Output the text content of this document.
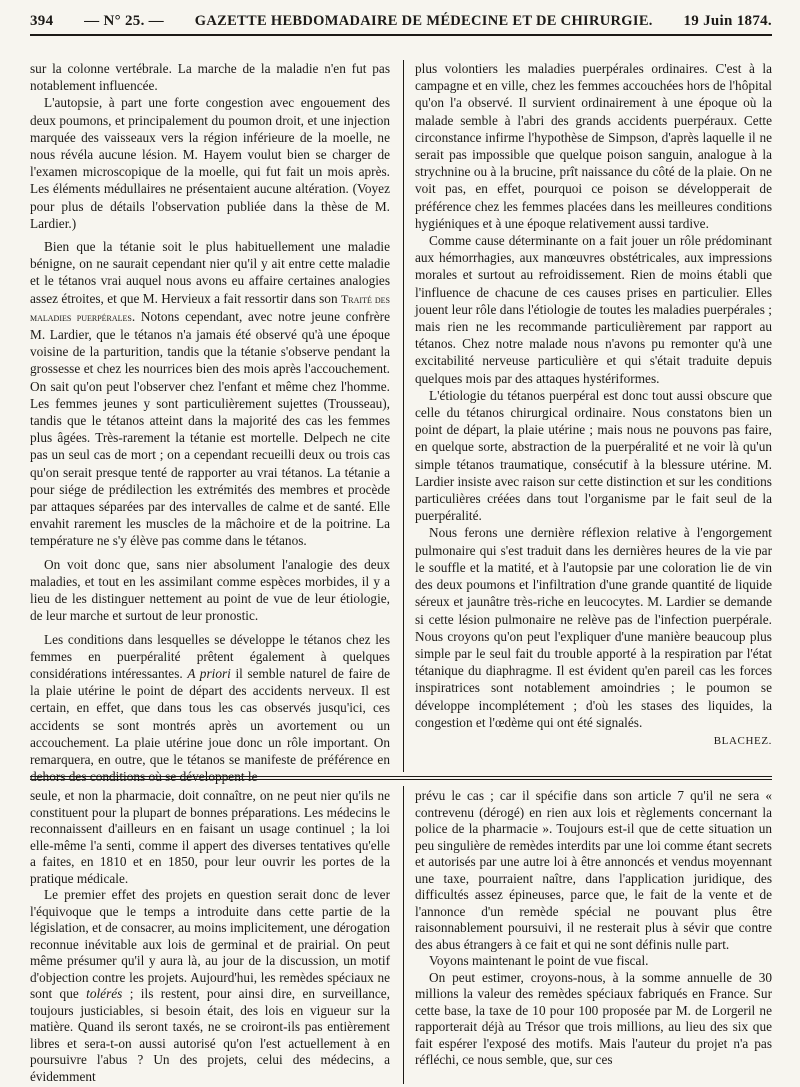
394 — N° 25. — GAZETTE HEBDOMADAIRE DE MÉDECINE ET DE CHIRURGIE. 19 Juin 1874.

sur la colonne vertébrale. La marche de la maladie n'en fut pas notablement influencée.

L'autopsie, à part une forte congestion avec engouement des deux poumons, et principalement du poumon droit, et une injection marquée des vaisseaux vers la région inférieure de la moelle, ne nous révéla aucune lésion. M. Hayem voulut bien se charger de l'examen microscopique de la moelle, qui fut fait un mois après. Les éléments médullaires ne présentaient aucune altération. (Voyez pour plus de détails l'observation publiée dans la thèse de M. Lardier.)

Bien que la tétanie soit le plus habituellement une maladie bénigne, on ne saurait cependant nier qu'il y ait entre cette maladie et le tétanos vrai auquel nous avons eu affaire certaines analogies assez étroites, et que M. Hervieux a fait ressortir dans son Traité des maladies puerpérales. Notons cependant, avec notre jeune confrère M. Lardier, que le tétanos n'a jamais été observé qu'à une époque voisine de la parturition, tandis que la tétanie s'observe pendant la grossesse et chez les nourrices bien des mois après l'accouchement. On sait qu'on peut l'observer chez l'enfant et même chez l'homme. Les femmes jeunes y sont particulièrement sujettes (Trousseau), tandis que le tétanos atteint dans la majorité des cas les femmes plus âgées. Très-rarement la tétanie est mortelle. Delpech ne cite pas un seul cas de mort ; on a cependant recueilli deux ou trois cas qu'on serait presque tenté de rapporter au vrai tétanos. La tétanie a pour siége de prédilection les extrémités des membres et procède par attaques séparées par des intervalles de calme et de santé. Elle envahit rarement les muscles de la mâchoire et de la poitrine. La température ne s'y élève pas comme dans le tétanos.

On voit donc que, sans nier absolument l'analogie des deux maladies, et tout en les assimilant comme espèces morbides, il y a lieu de les distinguer nettement au point de vue de leur étiologie, de leur marche et surtout de leur pronostic.

Les conditions dans lesquelles se développe le tétanos chez les femmes en puerpéralité prêtent également à quelques considérations intéressantes. A priori il semble naturel de faire de la plaie utérine le point de départ des accidents nerveux. Il est certain, en effet, que dans tous les cas observés jusqu'ici, ces accidents se sont montrés après un avortement ou un accouchement. La plaie utérine joue donc un rôle important. On remarquera, en outre, que le tétanos se manifeste de préférence en

plus volontiers les maladies puerpérales ordinaires. C'est à la campagne et en ville, chez les femmes accouchées hors de l'hôpital qu'on l'a observé. Il survient ordinairement à une époque où la malade semble à l'abri des grands accidents puerpéraux. Cette circonstance infirme l'hypothèse de Simpson, d'après laquelle il ne serait pas impossible que quelque poison sanguin, analogue à la strychnine ou à la brucine, prît naissance du côté de la plaie. On ne voit pas, en effet, pourquoi ce poison se développerait de préférence chez les femmes placées dans les meilleures conditions hygiéniques et à une époque relativement aussi tardive.

Comme cause déterminante on a fait jouer un rôle prédominant aux hémorrhagies, aux manœuvres obstétricales, aux impressions morales et surtout au refroidissement. Rien de moins établi que l'influence de chacune de ces causes prises en particulier. Elles jouent leur rôle dans l'étiologie de toutes les maladies puerpérales ; mais rien ne les recommande particulièrement par rapport au tétanos. Chez notre malade nous n'avons pu remonter qu'à une excitabilité nerveuse particulière et qui s'était traduite depuis quelques mois par des attaques hystériformes.

L'étiologie du tétanos puerpéral est donc tout aussi obscure que celle du tétanos chirurgical ordinaire. Nous constatons bien un point de départ, la plaie utérine ; mais nous ne pouvons pas faire, en quelque sorte, abstraction de la puerpéralité et ne voir là qu'un simple tétanos traumatique, consécutif à la blessure utérine. M. Lardier insiste avec raison sur cette distinction et sur les conditions particulières créées dans tout l'organisme par le fait seul de la puerpéralité.

Nous ferons une dernière réflexion relative à l'engorgement pulmonaire qui s'est traduit dans les dernières heures de la vie par le souffle et la matité, et à l'autopsie par une coloration lie de vin des deux poumons et l'infiltration d'une grande quantité de liquide séreux et jaunâtre très-riche en leucocytes. M. Lardier se demande si cette lésion pulmonaire ne relève pas de l'infection puerpérale. Nous croyons qu'on peut l'expliquer d'une manière beaucoup plus simple par le seul fait du trouble apporté à la respiration par l'état tétanique du diaphragme. Il est évident qu'en pareil cas les forces inspiratrices sont notablement amoindries ; le poumon se développe incomplétement ; d'où les stases des liquides, la congestion et l'œdème qui ont été signalés.

BLACHEZ.

seule, et non la pharmacie, doit connaître, on ne peut nier qu'ils ne constituent pour la plupart de bonnes préparations. Les médecins le reconnaissent d'ailleurs en en faisant un usage continuel ; la loi elle-même l'a senti, comme il appert des diverses tentatives qu'elle a faites, en 1810 et en 1850, pour leur ouvrir les portes de la pratique médicale.

Le premier effet des projets en question serait donc de lever l'équivoque que le temps a introduite dans cette partie de la législation, et de consacrer, au moins implicitement, une dérogation reconnue inévitable aux lois de germinal et de prairial. On peut même présumer qu'il y aura là, au jour de la discussion, un motif d'objection contre les projets. Aujourd'hui, les remèdes spéciaux ne sont que tolérés ; ils restent, pour ainsi dire, en surveillance, toujours justiciables, si besoin était, des lois en vigueur sur la matière. Quand ils seront taxés, ne se croiront-ils pas entièrement libres et sera-t-on aussi autorisé qu'on l'est actuellement à en poursuivre l'abus ? Un des projets, celui des médecins, a évidemment

prévu le cas ; car il spécifie dans son article 7 qu'il ne sera « contrevenu (dérogé) en rien aux lois et règlements concernant la police de la pharmacie ». Toujours est-il que de cette situation un peu singulière de remèdes interdits par une loi comme étant secrets et autorisés par une autre loi à être annoncés et vendus moyennant une taxe, pourraient naître, dans l'application juridique, des difficultés assez épineuses, parce que, le fait de la vente et de l'annonce d'un remède spécial ne pouvant plus être raisonnablement poursuivi, il ne resterait plus à sévir que contre des abus étrangers à ce fait et qui ne sont définis nulle part.

Voyons maintenant le point de vue fiscal.

On peut estimer, croyons-nous, à la somme annuelle de 30 millions la valeur des remèdes spéciaux fabriqués en France. Sur cette base, la taxe de 10 pour 100 proposée par M. de Lorgeril ne rapporterait déjà au Trésor que trois millions, au lieu des six que fait espérer l'exposé des motifs. Mais l'auteur du projet n'a pas réfléchi, ce nous semble, que, sur ces
